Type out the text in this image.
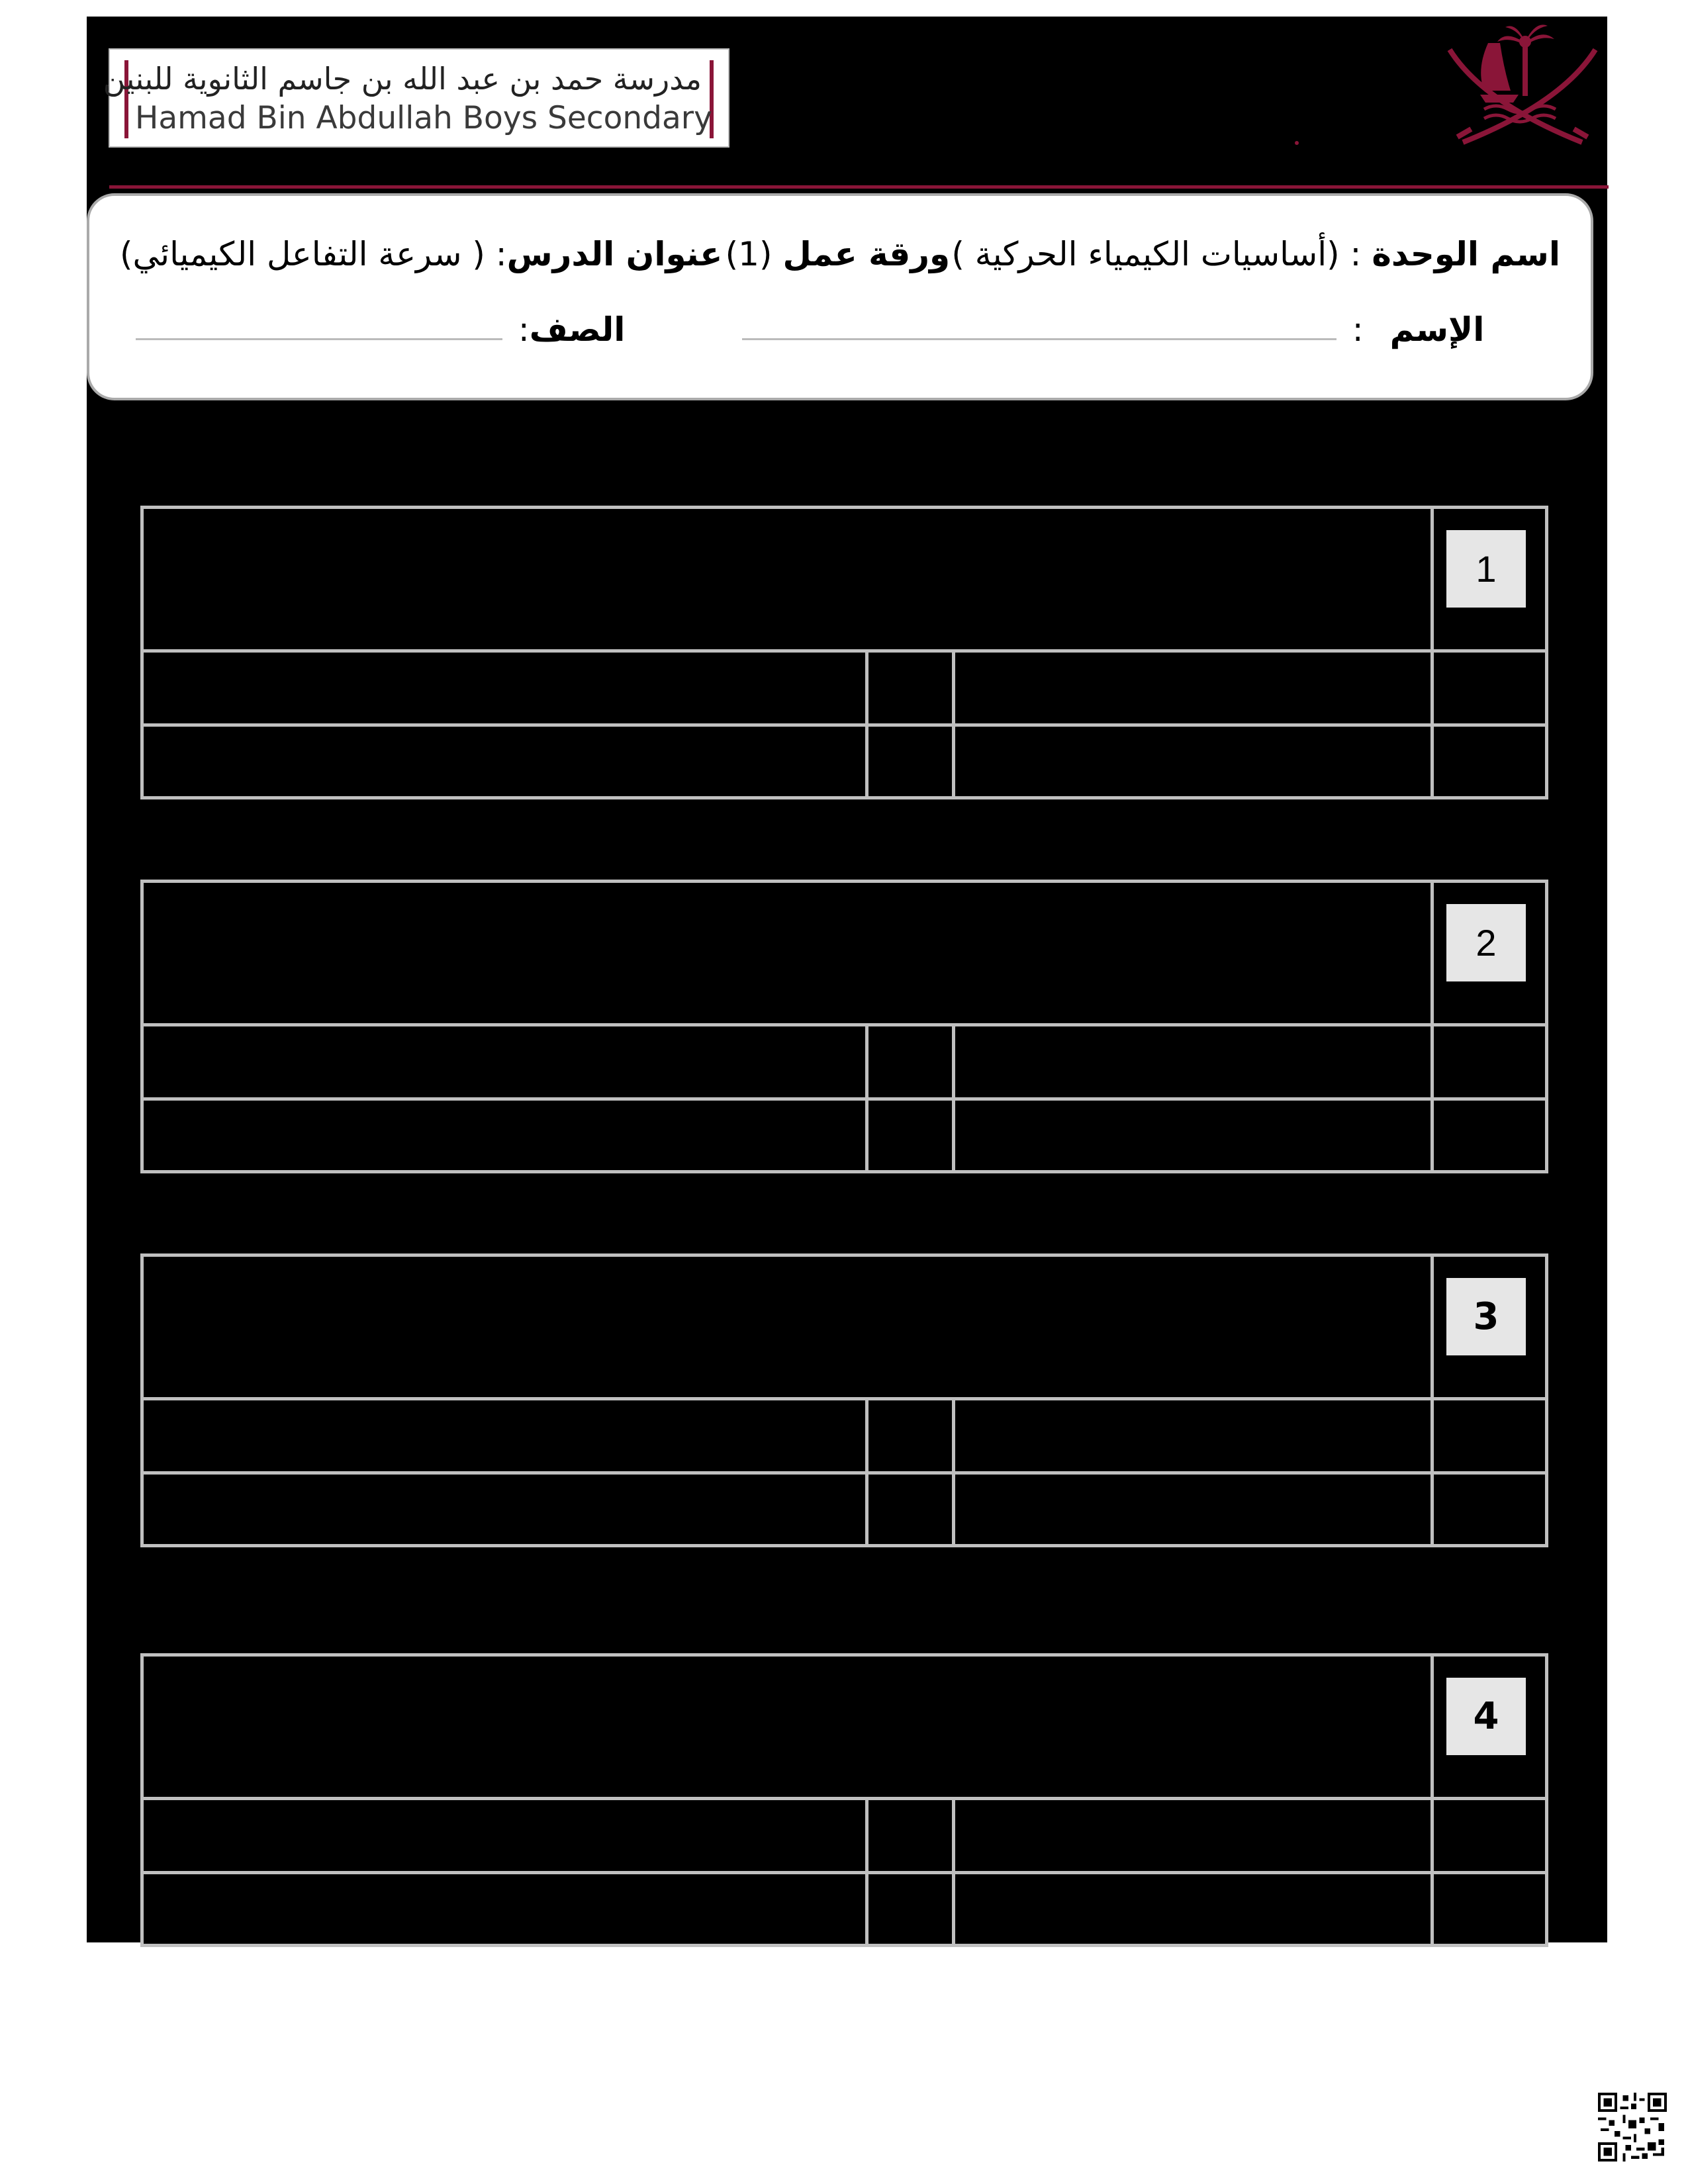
مدرسة حمد بن عبد الله بن جاسم الثانوية للبنين
Hamad Bin Abdullah Boys Secondary
اسم الوحدة
: (أساسيات الكيمياء الحركية )
ورقة عمل
(1)
عنوان الدرس
: ( سرعة التفاعل الكيميائي)
الإسم
:
الصف
:
1
2
3
4
